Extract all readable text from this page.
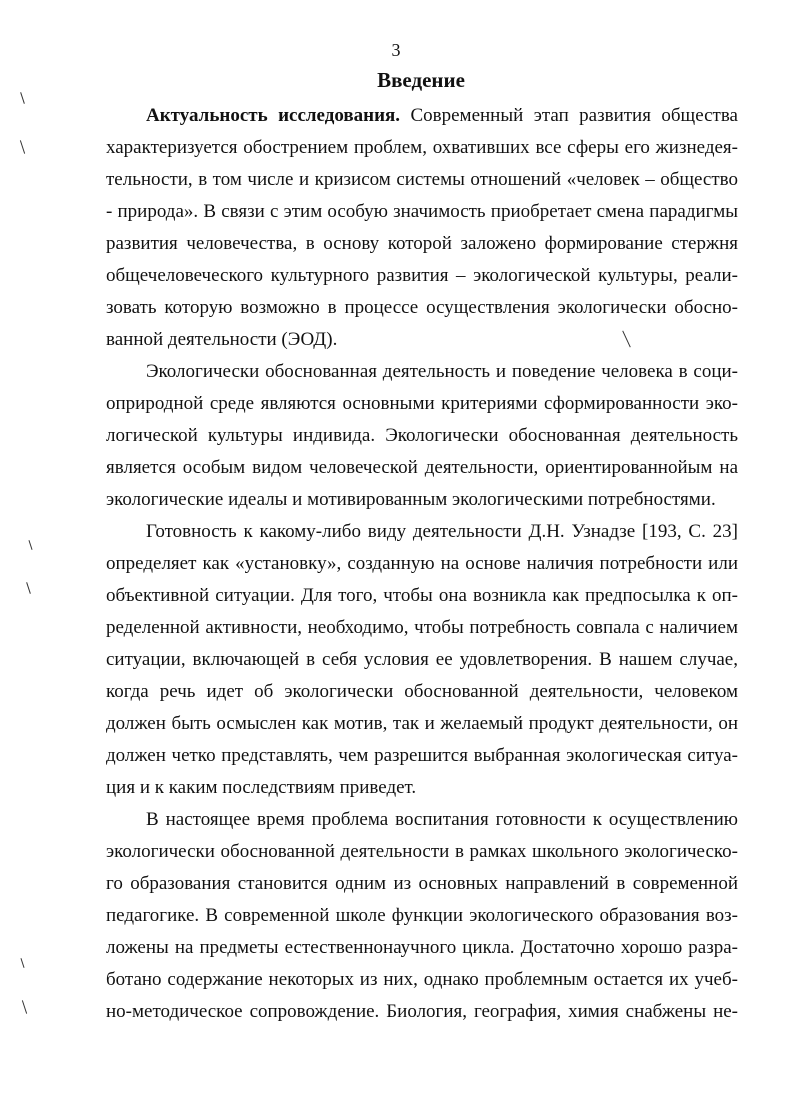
3
Введение
Актуальность исследования. Современный этап развития общества
характеризуется обострением проблем, охвативших все сферы его жизнедея-
тельности, в том числе и кризисом системы отношений «человек – общество
- природа». В связи с этим особую значимость приобретает смена парадигмы
развития человечества, в основу которой заложено формирование стержня
общечеловеческого культурного развития – экологической культуры, реали-
зовать которую возможно в процессе осуществления экологически обосно-
ванной деятельности (ЭОД).
Экологически обоснованная деятельность и поведение человека в соци-
оприродной среде являются основными критериями сформированности эко-
логической культуры индивида. Экологически обоснованная деятельность
является особым видом человеческой деятельности, ориентированнойым на
экологические идеалы и мотивированным экологическими потребностями.
Готовность к какому-либо виду деятельности Д.Н. Узнадзе [193, С. 23]
определяет как «установку», созданную на основе наличия потребности или
объективной ситуации. Для того, чтобы она возникла как предпосылка к оп-
ределенной активности, необходимо, чтобы потребность совпала с наличием
ситуации, включающей в себя условия ее удовлетворения. В нашем случае,
когда речь идет об экологически обоснованной деятельности, человеком
должен быть осмыслен как мотив, так и желаемый продукт деятельности, он
должен четко представлять, чем разрешится выбранная экологическая ситуа-
ция и к каким последствиям приведет.
В настоящее время проблема воспитания готовности к осуществлению
экологически обоснованной деятельности в рамках школьного экологическо-
го образования становится одним из основных направлений в современной
педагогике. В современной школе функции экологического образования воз-
ложены на предметы естественнонаучного цикла. Достаточно хорошо разра-
ботано содержание некоторых из них, однако проблемным остается их учеб-
но-методическое сопровождение. Биология, география, химия снабжены не-
